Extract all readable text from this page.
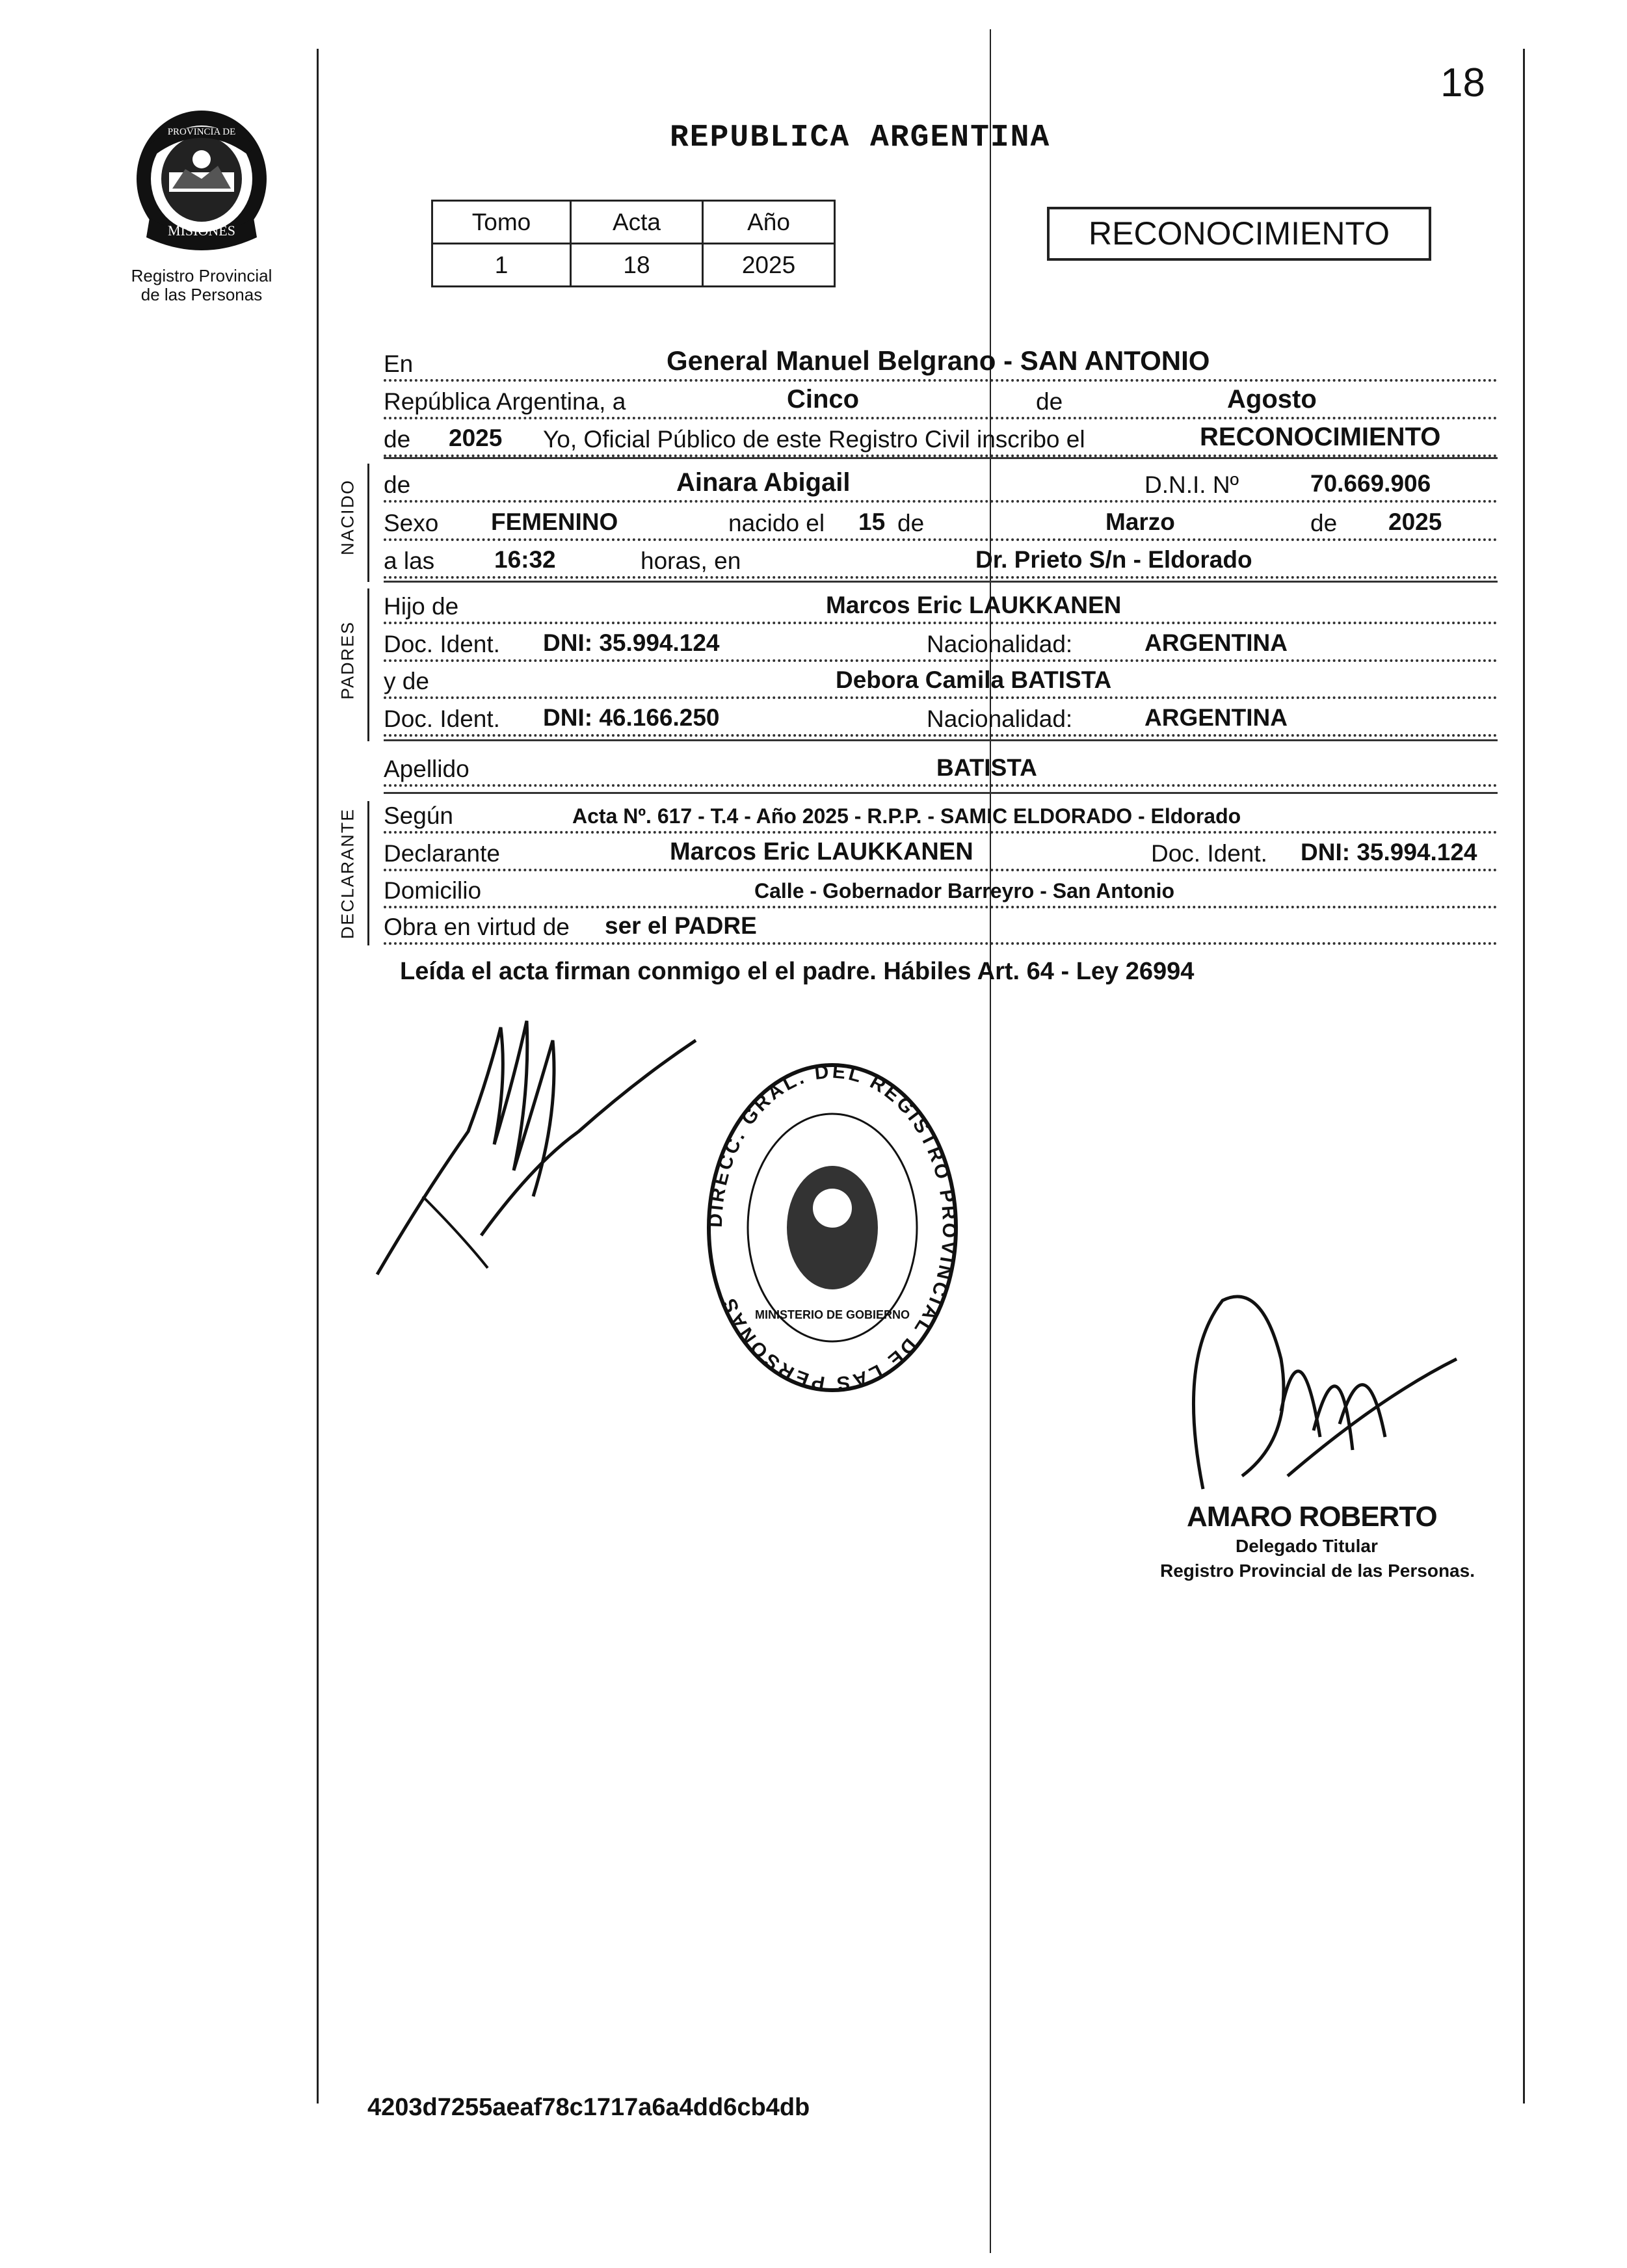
18
REPUBLICA ARGENTINA
MISIONES
PROVINCIA DE
Registro Provincial
de las Personas
Tomo	Acta	Año
1	18	2025
RECONOCIMIENTO
En	General Manuel Belgrano - SAN ANTONIO
República Argentina, a	Cinco	de	Agosto
de 2025 Yo, Oficial Público de este Registro Civil inscribo el	RECONOCIMIENTO
NACIDO de	Ainara Abigail	D.N.I. Nº	70.669.906
Sexo FEMENINO	nacido el 15 de	Marzo	de 2025
a las 16:32	horas, en	Dr. Prieto S/n - Eldorado
PADRES
Hijo de	Marcos Eric LAUKKANEN
Doc. Ident. DNI: 35.994.124	Nacionalidad:	ARGENTINA
y de	Debora Camila BATISTA
Doc. Ident. DNI: 46.166.250	Nacionalidad:	ARGENTINA
Apellido	BATISTA
DECLARANTE Según	Acta Nº. 617 - T.4 - Año 2025 - R.P.P. - SAMIC ELDORADO - Eldorado
Declarante	Marcos Eric LAUKKANEN	Doc. Ident. DNI: 35.994.124
Domicilio	Calle - Gobernador Barreyro - San Antonio
Obra en virtud de ser el PADRE
Leída el acta firman conmigo el el padre. Hábiles Art. 64 - Ley 26994
DIRECC. GRAL. DEL REGISTRO PROVINCIAL DE LAS PERSONAS MINISTERIO DE GOBIERNO
AMARO ROBERTO
Delegado Titular
Registro Provincial de las Personas.
4203d7255aeaf78c1717a6a4dd6cb4db
